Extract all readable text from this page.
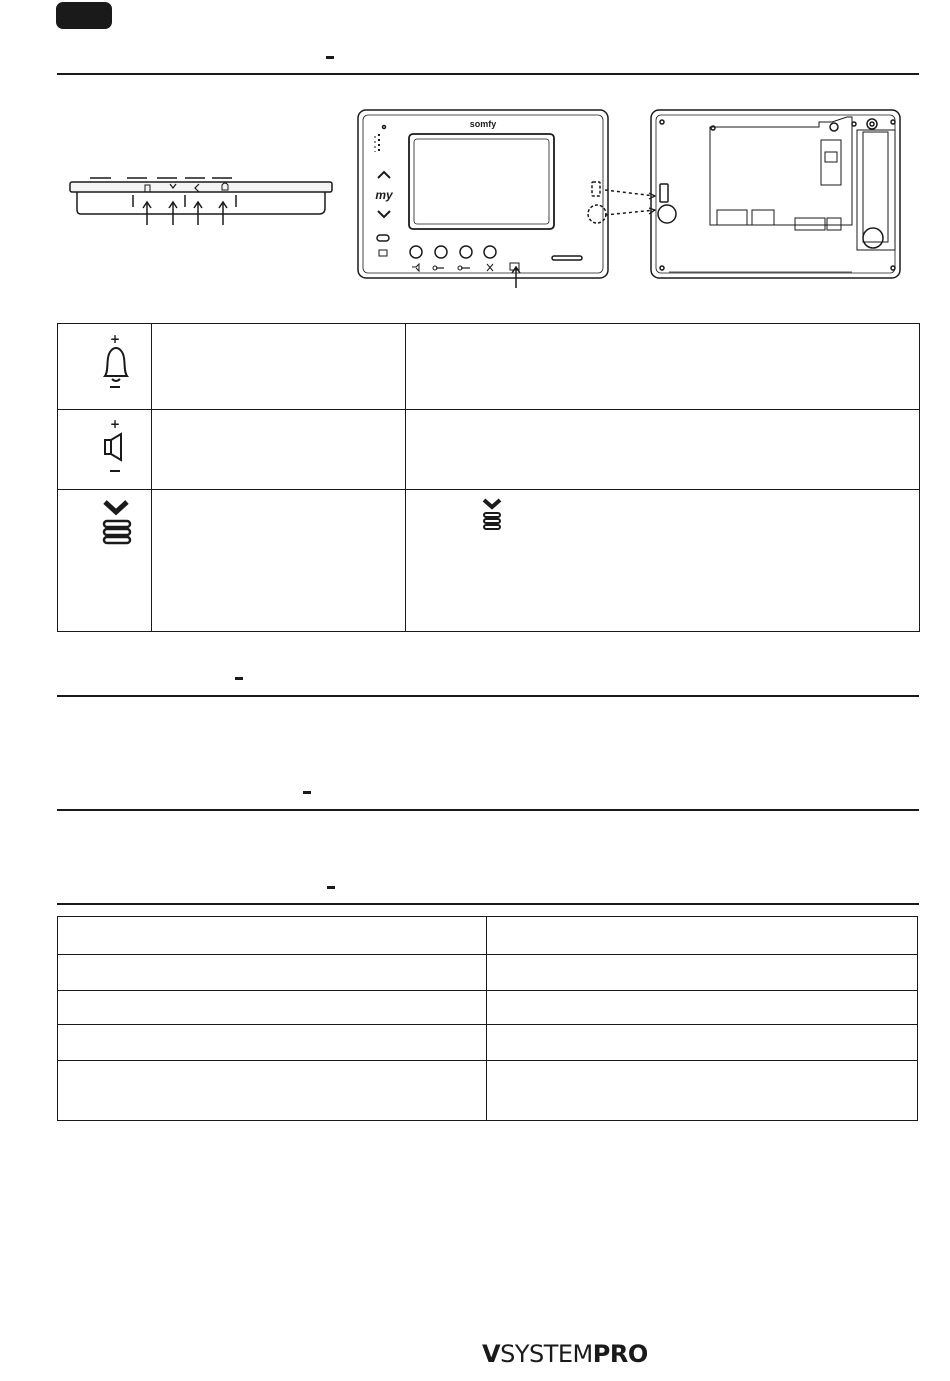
somfy
my
+		

+		

VSYSTEMPRO
